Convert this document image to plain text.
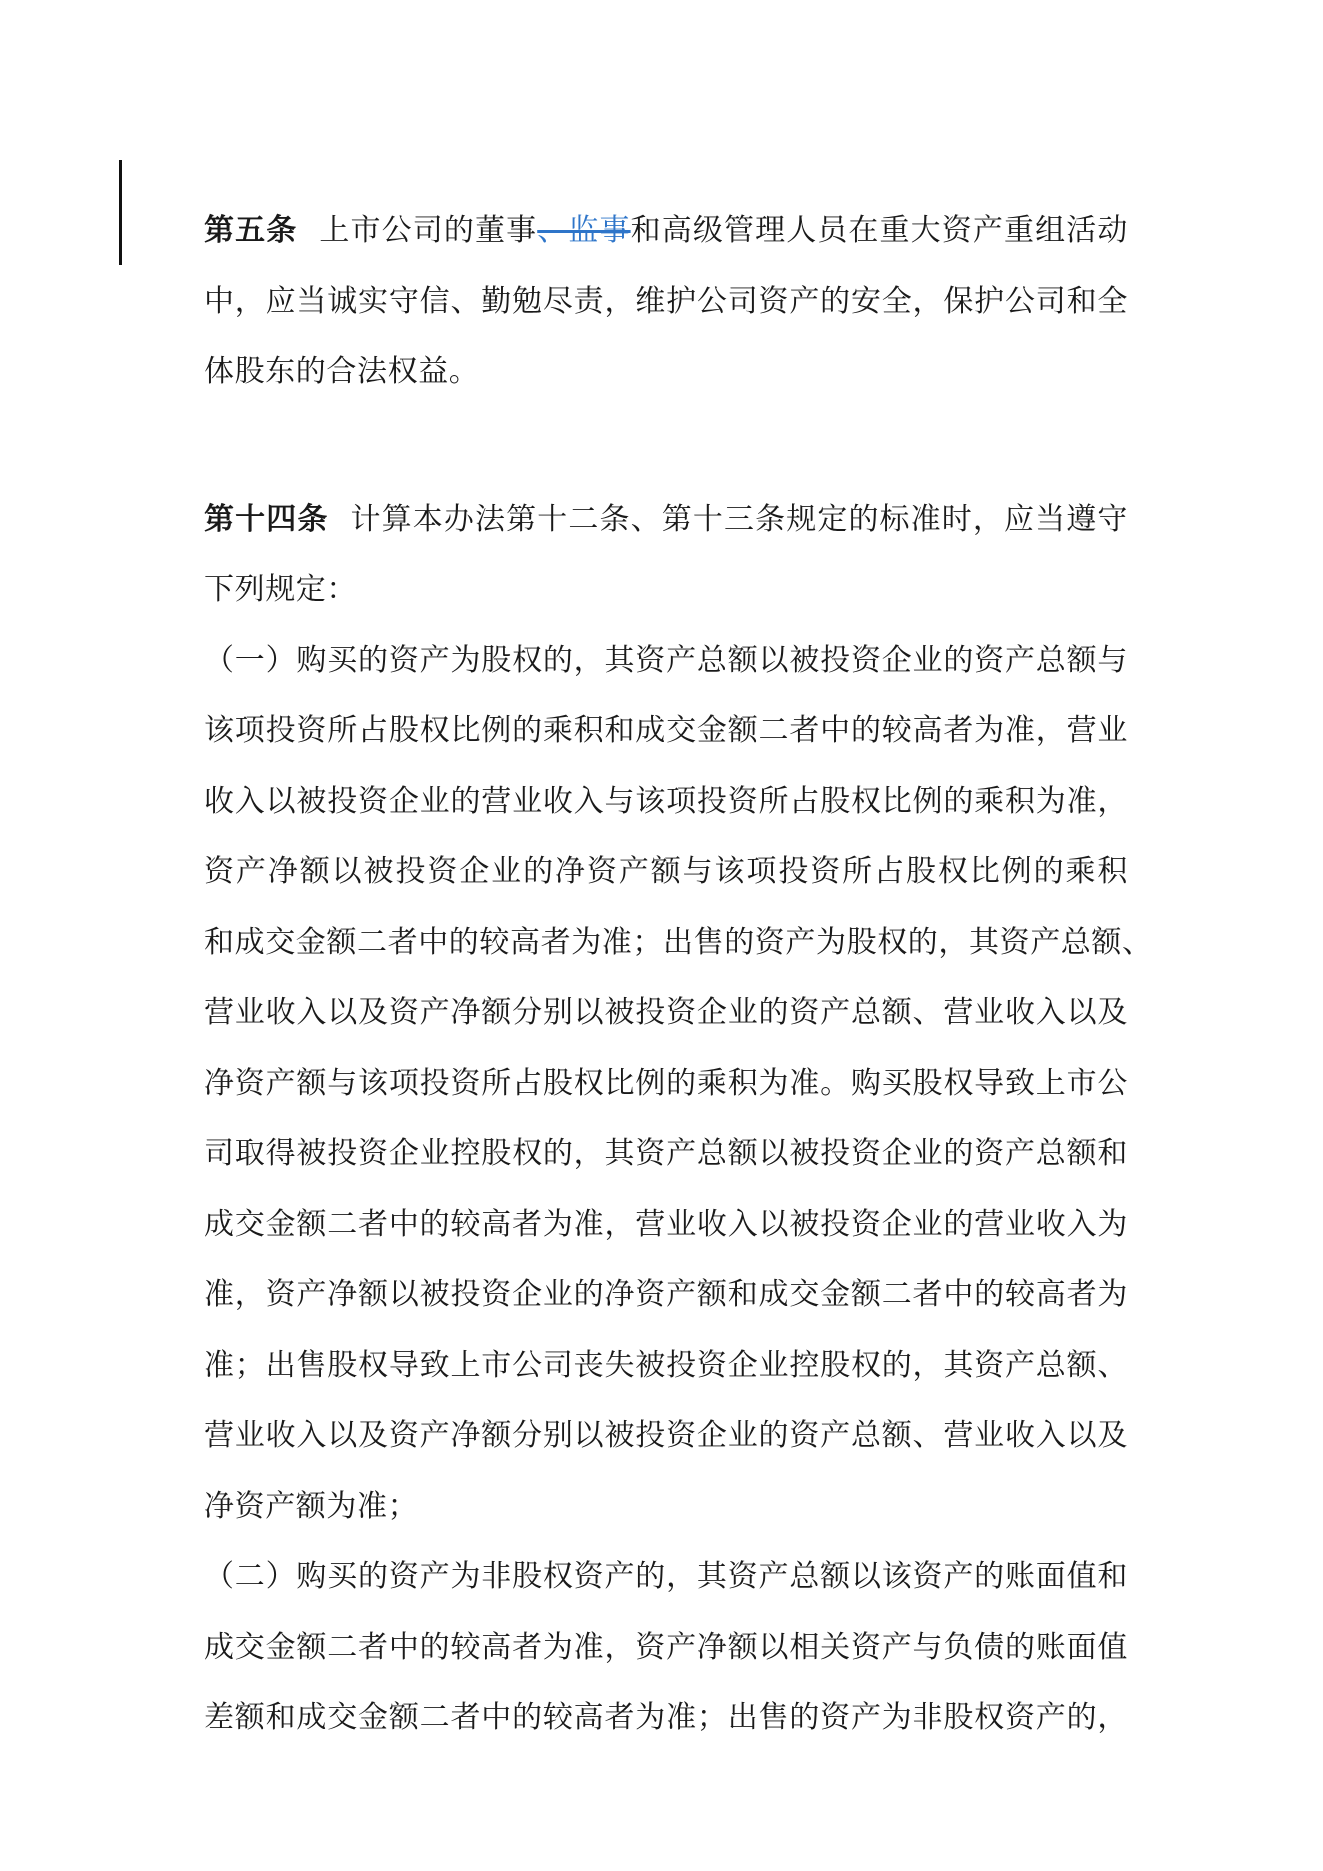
第五条 上市公司的董事、监事和高级管理人员在重大资产重组活动
中，应当诚实守信、勤勉尽责，维护公司资产的安全，保护公司和全
体股东的合法权益。
第十四条 计算本办法第十二条、第十三条规定的标准时，应当遵守
下列规定：
（一）购买的资产为股权的，其资产总额以被投资企业的资产总额与
该项投资所占股权比例的乘积和成交金额二者中的较高者为准，营业
收入以被投资企业的营业收入与该项投资所占股权比例的乘积为准，
资产净额以被投资企业的净资产额与该项投资所占股权比例的乘积
和成交金额二者中的较高者为准；出售的资产为股权的，其资产总额、
营业收入以及资产净额分别以被投资企业的资产总额、营业收入以及
净资产额与该项投资所占股权比例的乘积为准。购买股权导致上市公
司取得被投资企业控股权的，其资产总额以被投资企业的资产总额和
成交金额二者中的较高者为准，营业收入以被投资企业的营业收入为
准，资产净额以被投资企业的净资产额和成交金额二者中的较高者为
准；出售股权导致上市公司丧失被投资企业控股权的，其资产总额、
营业收入以及资产净额分别以被投资企业的资产总额、营业收入以及
净资产额为准；
（二）购买的资产为非股权资产的，其资产总额以该资产的账面值和
成交金额二者中的较高者为准，资产净额以相关资产与负债的账面值
差额和成交金额二者中的较高者为准；出售的资产为非股权资产的，
